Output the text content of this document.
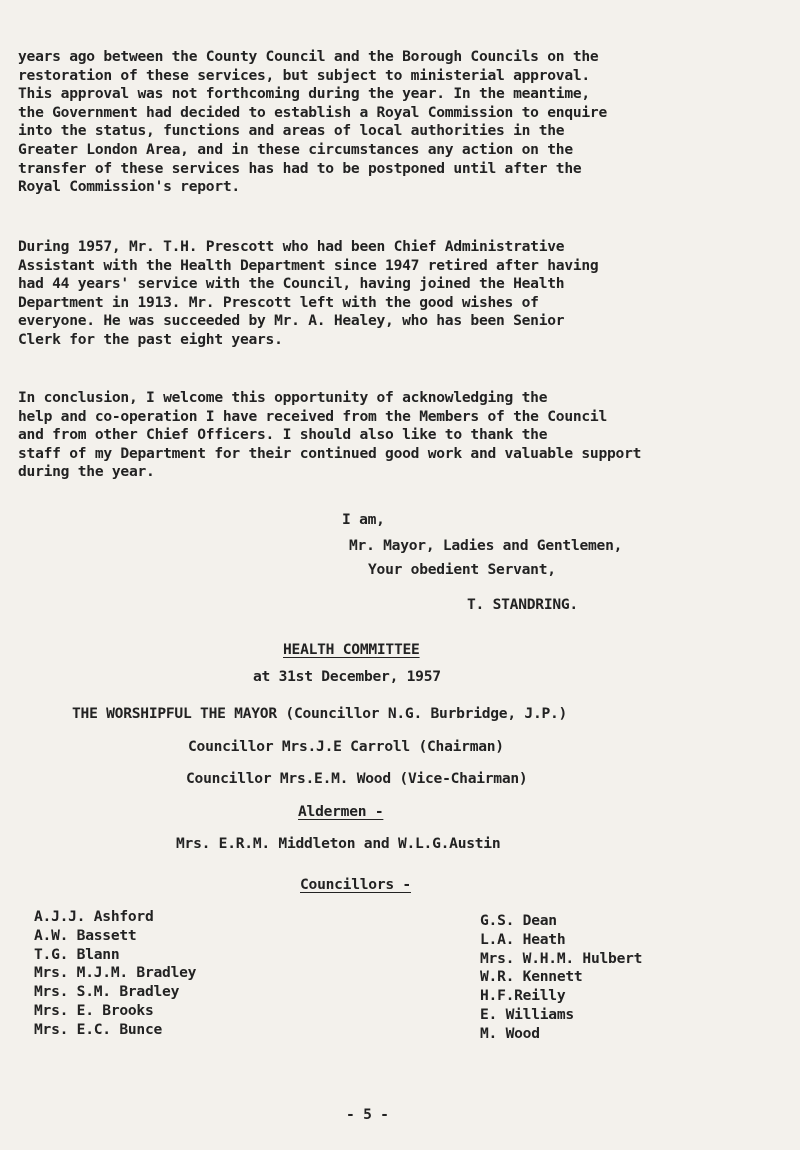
years ago between the County Council and the Borough Councils on the
restoration of these services, but subject to ministerial approval.
This approval was not forthcoming during the year. In the meantime,
the Government had decided to establish a Royal Commission to enquire
into the status, functions and areas of local authorities in the
Greater London Area, and in these circumstances any action on the
transfer of these services has had to be postponed until after the
Royal Commission's report.
During 1957, Mr. T.H. Prescott who had been Chief Administrative
Assistant with the Health Department since 1947 retired after having
had 44 years' service with the Council, having joined the Health
Department in 1913. Mr. Prescott left with the good wishes of
everyone. He was succeeded by Mr. A. Healey, who has been Senior
Clerk for the past eight years.
In conclusion, I welcome this opportunity of acknowledging the
help and co-operation I have received from the Members of the Council
and from other Chief Officers. I should also like to thank the
staff of my Department for their continued good work and valuable support
during the year.
I am,
Mr. Mayor, Ladies and Gentlemen,
Your obedient Servant,
T. STANDRING.
HEALTH COMMITTEE
at 31st December, 1957
THE WORSHIPFUL THE MAYOR (Councillor N.G. Burbridge, J.P.)
Councillor Mrs.J.E Carroll (Chairman)
Councillor Mrs.E.M. Wood (Vice-Chairman)
Aldermen -
Mrs. E.R.M. Middleton and W.L.G.Austin
Councillors -
A.J.J. Ashford
A.W. Bassett
T.G. Blann
Mrs. M.J.M. Bradley
Mrs. S.M. Bradley
Mrs. E. Brooks
Mrs. E.C. Bunce
G.S. Dean
L.A. Heath
Mrs. W.H.M. Hulbert
W.R. Kennett
H.F.Reilly
E. Williams
M. Wood
- 5 -
